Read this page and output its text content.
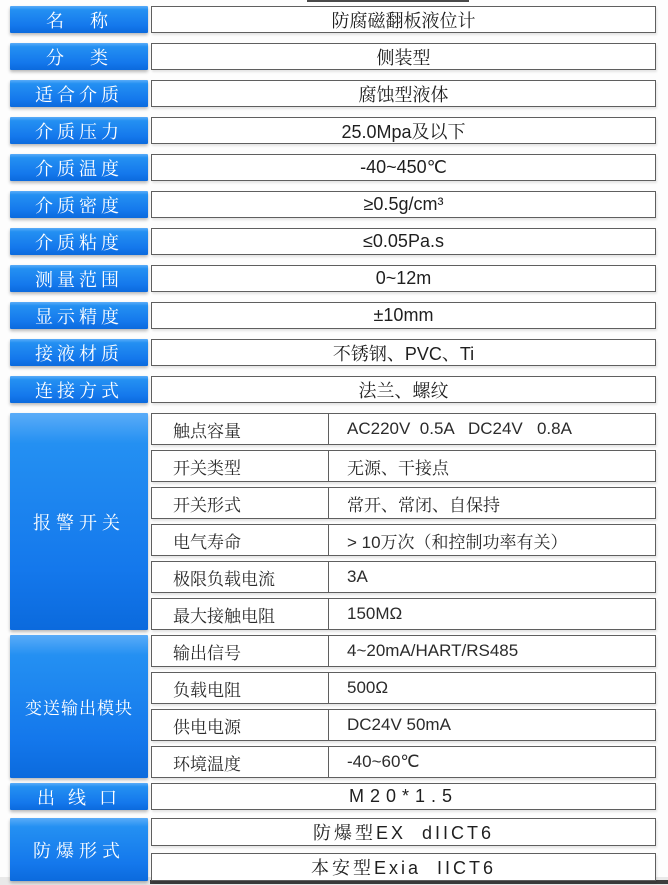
名　称	防腐磁翻板液位计
分　类	侧装型
适合介质	腐蚀型液体
介质压力	25.0Mpa及以下
介质温度	-40~450℃
介质密度	≥0.5g/cm³
介质粘度	≤0.05Pa.s
测量范围	0~12m
显示精度	±10mm
接液材质	不锈钢、PVC、Ti
连接方式	法兰、螺纹
报警开关
触点容量	AC220V  0.5A   DC24V   0.8A
开关类型	无源、干接点
开关形式	常开、常闭、自保持
电气寿命	> 10万次（和控制功率有关）
极限负载电流	3A
最大接触电阻	150MΩ
变送输出模块
输出信号	4~20mA/HART/RS485
负载电阻	500Ω
供电电源	DC24V 50mA
环境温度	-40~60℃
出 线 口	M20*1.5
防爆形式
防爆型EX  dIICT6
本安型Exia  IICT6
